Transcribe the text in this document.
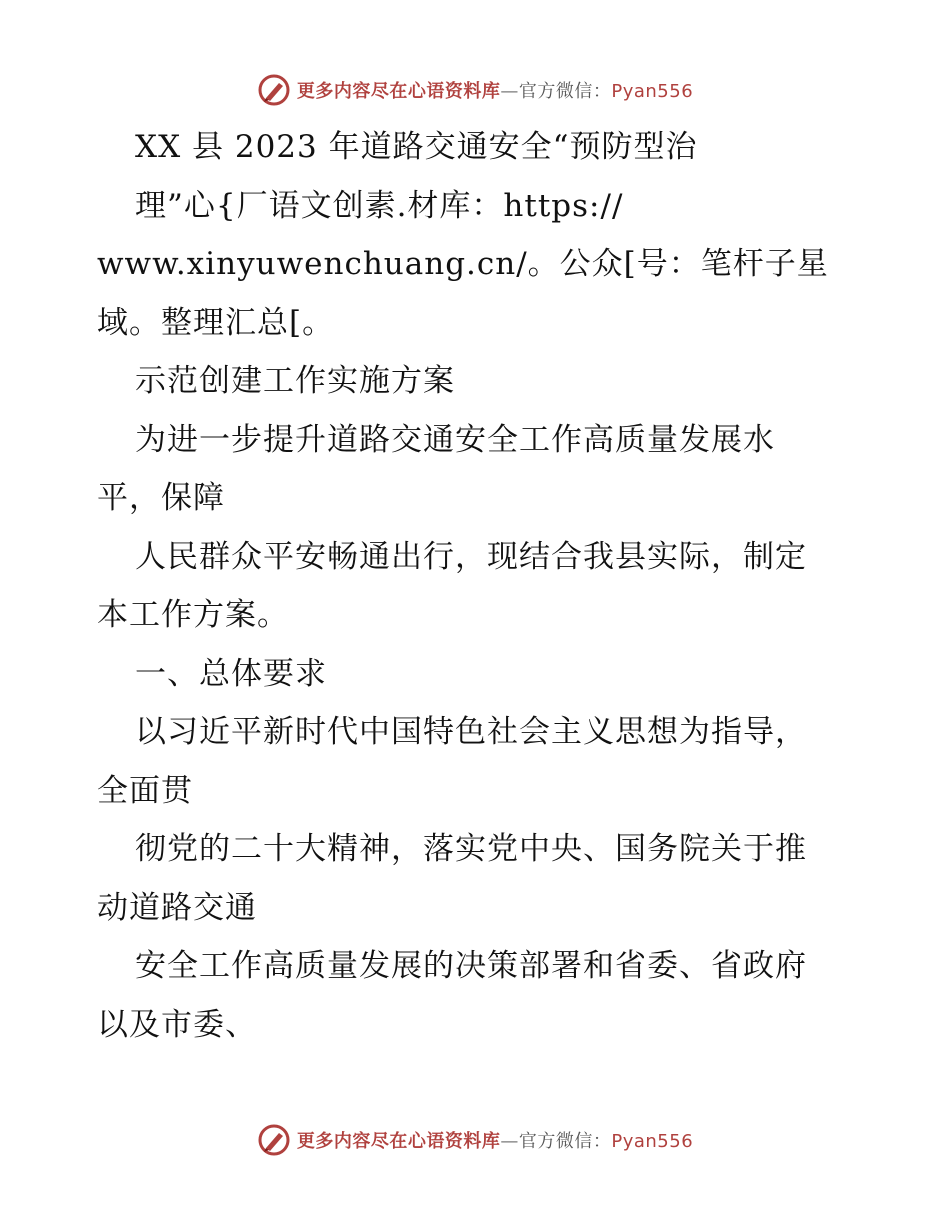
更多内容尽在心语资料库—官方微信：Pyan556
XX 县 2023 年道路交通安全“预防型治
理”心{厂语文创素.材库：https://
www.xinyuwenchuang.cn/。公众[号：笔杆子星
域。整理汇总[。
示范创建工作实施方案
为进一步提升道路交通安全工作高质量发展水
平，保障
人民群众平安畅通出行，现结合我县实际，制定
本工作方案。
一、总体要求
以习近平新时代中国特色社会主义思想为指导，
全面贯
彻党的二十大精神，落实党中央、国务院关于推
动道路交通
安全工作高质量发展的决策部署和省委、省政府
以及市委、
更多内容尽在心语资料库—官方微信：Pyan556
